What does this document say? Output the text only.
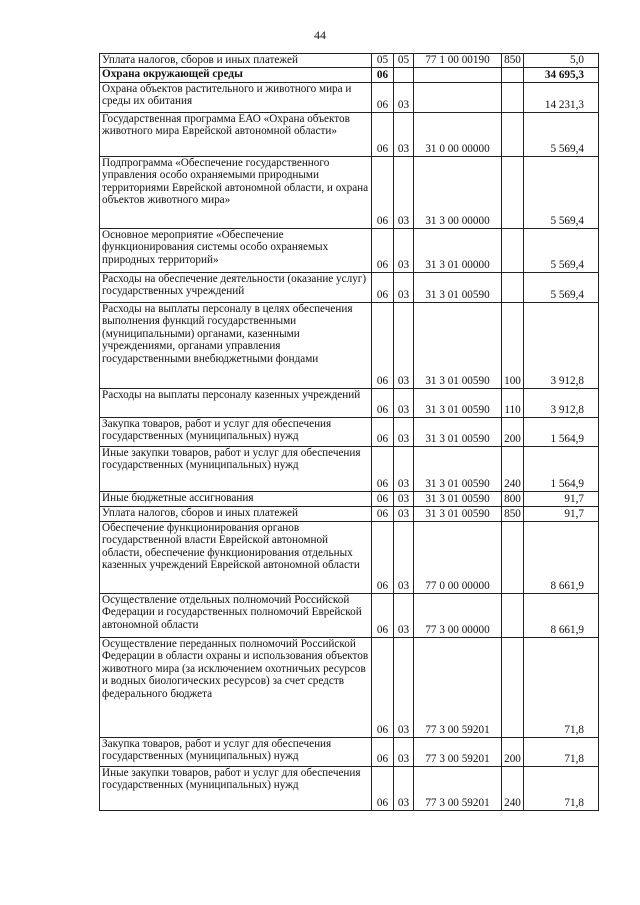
44
Уплата налогов, сборов и иных платежей	05	05	77 1 00 00190	850	5,0
Охрана окружающей среды	06				34 695,3
Охрана объектов растительного и животного мира и среды их обитания	06	03			14 231,3
Государственная программа ЕАО «Охрана объектов животного мира Еврейской автономной области»	06	03	31 0 00 00000		5 569,4
Подпрограмма «Обеспечение государственного управления особо охраняемыми природными территориями Еврейской автономной области, и охрана объектов животного мира»	06	03	31 3 00 00000		5 569,4
Основное мероприятие «Обеспечение функционирования системы особо охраняемых природных территорий»	06	03	31 3 01 00000		5 569,4
Расходы на обеспечение деятельности (оказание услуг) государственных учреждений	06	03	31 3 01 00590		5 569,4
Расходы на выплаты персоналу в целях обеспечения выполнения функций государственными (муниципальными) органами, казенными учреждениями, органами управления государственными внебюджетными фондами	06	03	31 3 01 00590	100	3 912,8
Расходы на выплаты персоналу казенных учреждений	06	03	31 3 01 00590	110	3 912,8
Закупка товаров, работ и услуг для обеспечения государственных (муниципальных) нужд	06	03	31 3 01 00590	200	1 564,9
Иные закупки товаров, работ и услуг для обеспечения государственных (муниципальных) нужд	06	03	31 3 01 00590	240	1 564,9
Иные бюджетные ассигнования	06	03	31 3 01 00590	800	91,7
Уплата налогов, сборов и иных платежей	06	03	31 3 01 00590	850	91,7
Обеспечение функционирования органов государственной власти Еврейской автономной области, обеспечение функционирования отдельных казенных учреждений Еврейской автономной области	06	03	77 0 00 00000		8 661,9
Осуществление отдельных полномочий Российской Федерации и государственных полномочий Еврейской автономной области	06	03	77 3 00 00000		8 661,9
Осуществление переданных полномочий Российской Федерации в области охраны и использования объектов животного мира (за исключением охотничьих ресурсов и водных биологических ресурсов) за счет средств федерального бюджета	06	03	77 3 00 59201		71,8
Закупка товаров, работ и услуг для обеспечения государственных (муниципальных) нужд	06	03	77 3 00 59201	200	71,8
Иные закупки товаров, работ и услуг для обеспечения государственных (муниципальных) нужд	06	03	77 3 00 59201	240	71,8
